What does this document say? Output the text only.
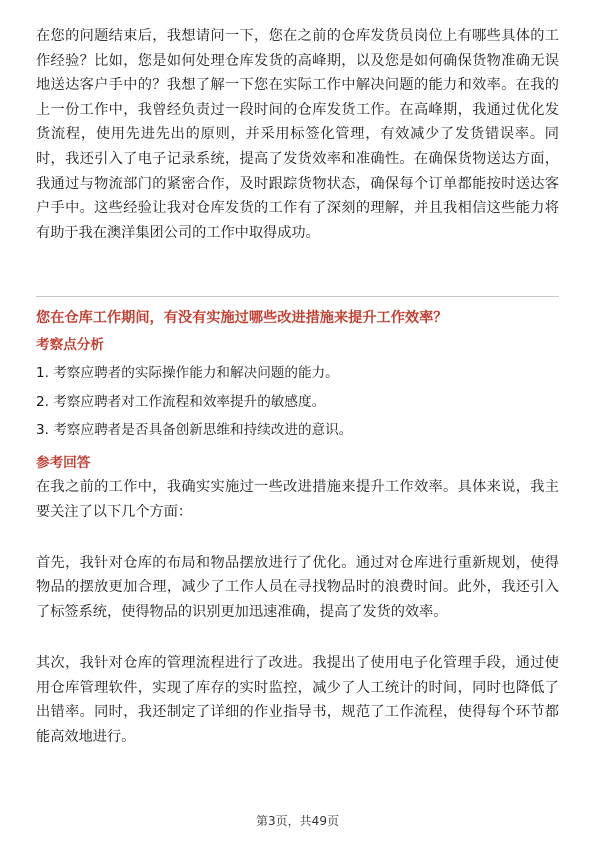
在您的问题结束后，我想请问一下，您在之前的仓库发货员岗位上有哪些具体的工作经验？比如，您是如何处理仓库发货的高峰期，以及您是如何确保货物准确无误地送达客户手中的？我想了解一下您在实际工作中解决问题的能力和效率。在我的上一份工作中，我曾经负责过一段时间的仓库发货工作。在高峰期，我通过优化发货流程，使用先进先出的原则，并采用标签化管理，有效减少了发货错误率。同时，我还引入了电子记录系统，提高了发货效率和准确性。在确保货物送达方面，我通过与物流部门的紧密合作，及时跟踪货物状态，确保每个订单都能按时送达客户手中。这些经验让我对仓库发货的工作有了深刻的理解，并且我相信这些能力将有助于我在澳洋集团公司的工作中取得成功。

您在仓库工作期间，有没有实施过哪些改进措施来提升工作效率？

考察点分析

1. 考察应聘者的实际操作能力和解决问题的能力。
2. 考察应聘者对工作流程和效率提升的敏感度。
3. 考察应聘者是否具备创新思维和持续改进的意识。

参考回答

在我之前的工作中，我确实实施过一些改进措施来提升工作效率。具体来说，我主要关注了以下几个方面：

首先，我针对仓库的布局和物品摆放进行了优化。通过对仓库进行重新规划，使得物品的摆放更加合理，减少了工作人员在寻找物品时的浪费时间。此外，我还引入了标签系统，使得物品的识别更加迅速准确，提高了发货的效率。

其次，我针对仓库的管理流程进行了改进。我提出了使用电子化管理手段，通过使用仓库管理软件，实现了库存的实时监控，减少了人工统计的时间，同时也降低了出错率。同时，我还制定了详细的作业指导书，规范了工作流程，使得每个环节都能高效地进行。

第3页，共49页
